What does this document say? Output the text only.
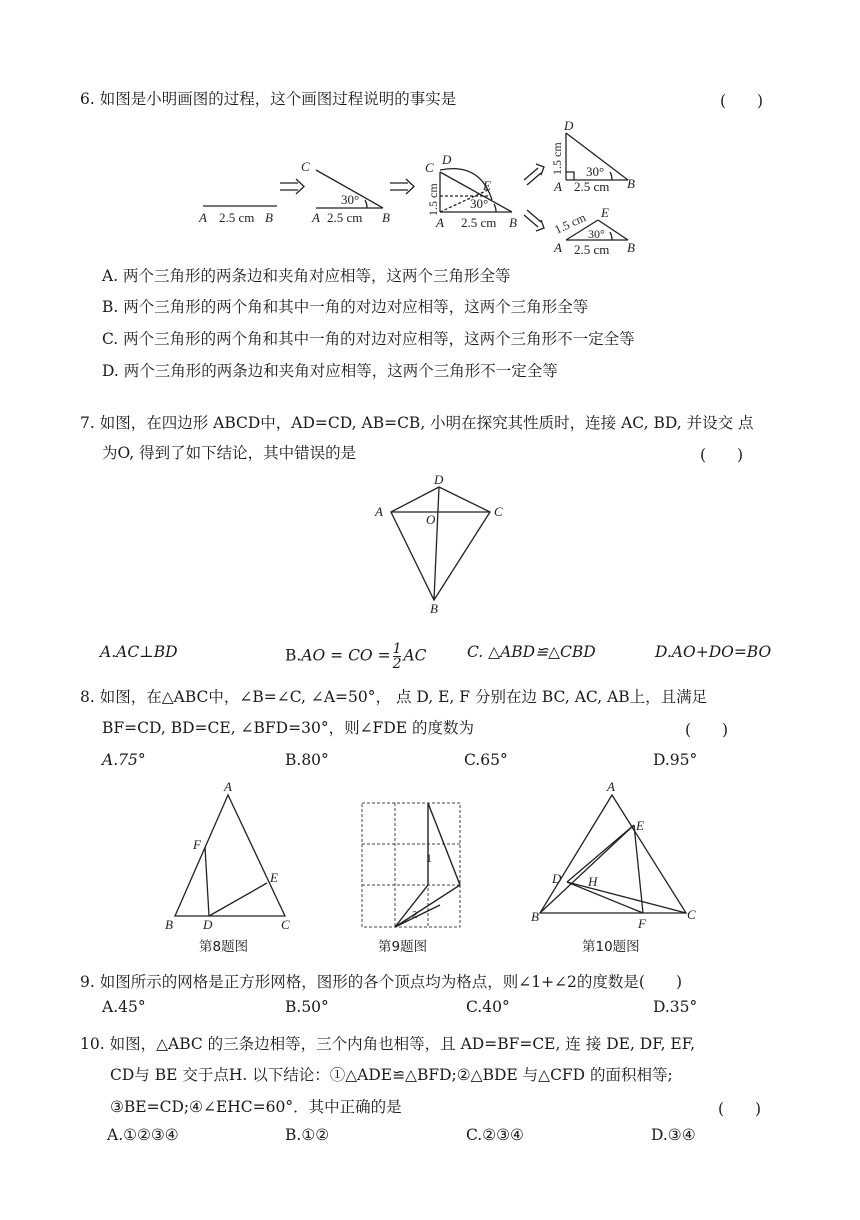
6. 如图是小明画图的过程，这个画图过程说明的事实是	(　　)
A 2.5 cm B
C
A 2.5 cm B
30°
C
D
E
A 2.5 cm B
30°
1.5 cm
D
A 2.5 cm B
30°
1.5 cm
E
A 2.5 cm B
30°
1.5 cm
A. 两个三角形的两条边和夹角对应相等，这两个三角形全等
B. 两个三角形的两个角和其中一角的对边对应相等，这两个三角形全等
C. 两个三角形的两个角和其中一角的对边对应相等，这两个三角形不一定全等
D. 两个三角形的两条边和夹角对应相等，这两个三角形不一定全等
7. 如图，在四边形 ABCD中，AD=CD, AB=CB, 小明在探究其性质时，连接 AC, BD, 并设交 点
为O, 得到了如下结论，其中错误的是	(　　)
A
D
C
O
B
A.AC⊥BD	B.AO = CO = $\frac{1}{2}$ AC	C. △ABD≌△CBD	D.AO+DO=BO
8. 如图，在△ABC中，∠B=∠C, ∠A=50°， 点 D, E, F 分别在边 BC, AC, AB上，且满足
BF=CD, BD=CE, ∠BFD=30°，则∠FDE 的度数为	(　　)
A.75°	B.80°	C.65°	D.95°
A
F
E
B D	C
1
2
A
E
D H
B	F
C
第8题图	第9题图	第10题图
9. 如图所示的网格是正方形网格，图形的各个顶点均为格点，则∠1+∠2的度数是(　　)
A.45°	B.50°	C.40°	D.35°
10. 如图，△ABC 的三条边相等，三个内角也相等，且 AD=BF=CE, 连 接 DE, DF, EF,
CD与 BE 交于点H. 以下结论：①△ADE≌△BFD;②△BDE 与△CFD 的面积相等;
③BE=CD;④∠EHC=60°．其中正确的是	(　　)
A.①②③④	B.①②	C.②③④	D.③④
